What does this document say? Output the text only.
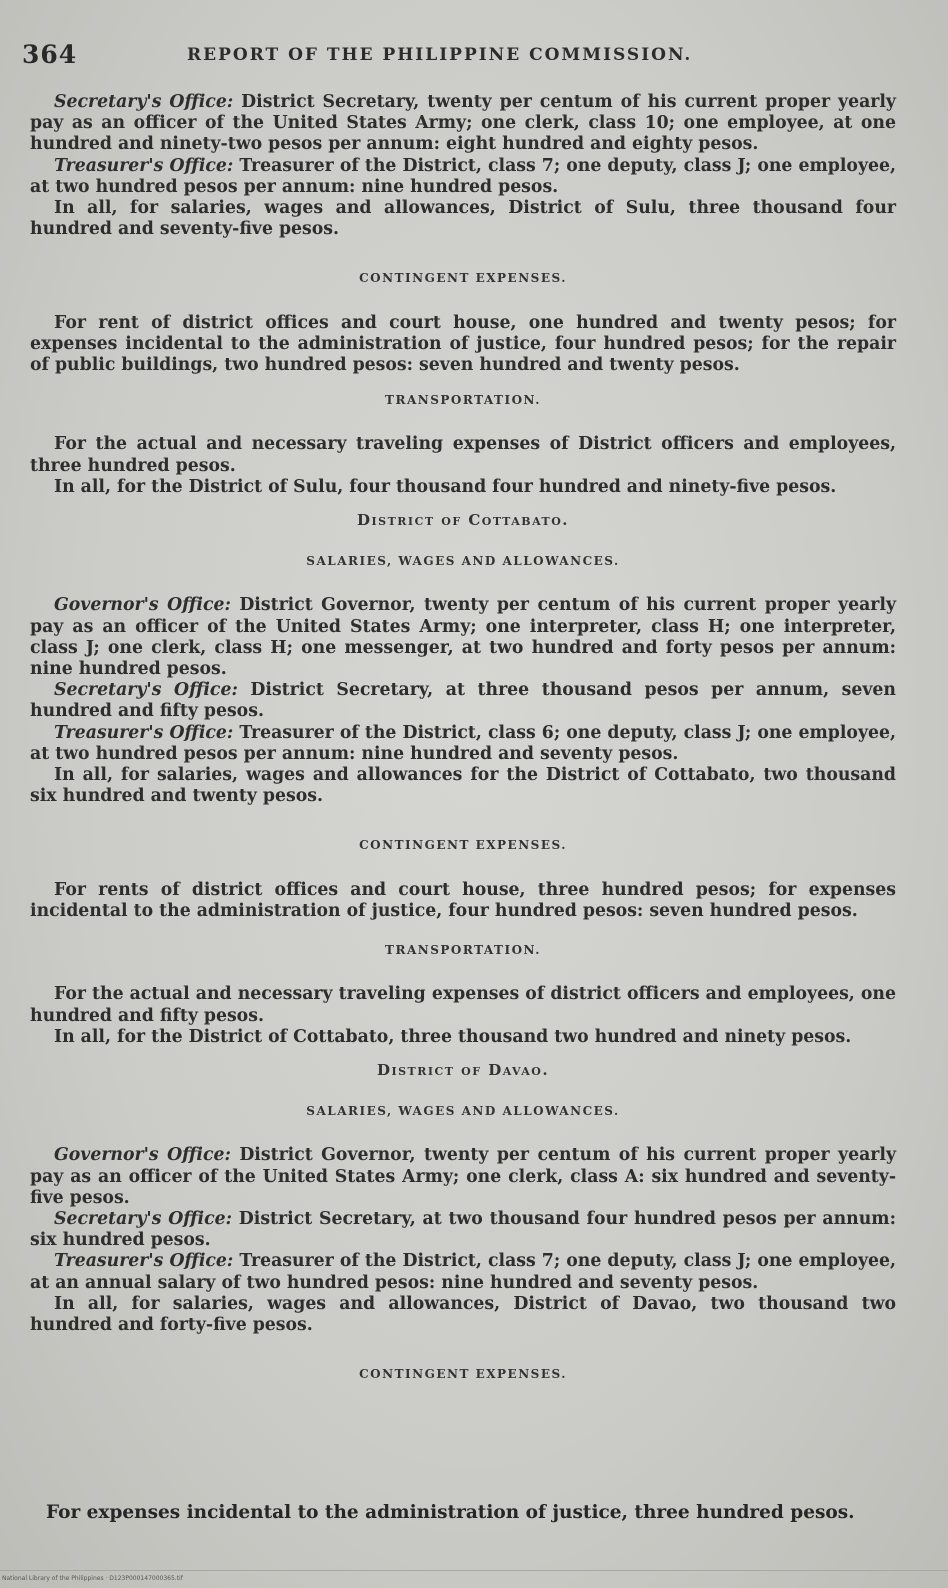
364	REPORT OF THE PHILIPPINE COMMISSION.

Secretary's Office: District Secretary, twenty per centum of his current proper yearly pay as an officer of the United States Army; one clerk, class 10; one employee, at one hundred and ninety-two pesos per annum: eight hundred and eighty pesos.

Treasurer's Office: Treasurer of the District, class 7; one deputy, class J; one employee, at two hundred pesos per annum: nine hundred pesos.

In all, for salaries, wages and allowances, District of Sulu, three thousand four hundred and seventy-five pesos.

CONTINGENT EXPENSES.

For rent of district offices and court house, one hundred and twenty pesos; for expenses incidental to the administration of justice, four hundred pesos; for the repair of public buildings, two hundred pesos: seven hundred and twenty pesos.

TRANSPORTATION.

For the actual and necessary traveling expenses of District officers and employees, three hundred pesos.

In all, for the District of Sulu, four thousand four hundred and ninety-five pesos.

District of Cottabato.
SALARIES, WAGES AND ALLOWANCES.

Governor's Office: District Governor, twenty per centum of his current proper yearly pay as an officer of the United States Army; one interpreter, class H; one interpreter, class J; one clerk, class H; one messenger, at two hundred and forty pesos per annum: nine hundred pesos.

Secretary's Office: District Secretary, at three thousand pesos per annum, seven hundred and fifty pesos.

Treasurer's Office: Treasurer of the District, class 6; one deputy, class J; one employee, at two hundred pesos per annum: nine hundred and seventy pesos.

In all, for salaries, wages and allowances for the District of Cottabato, two thousand six hundred and twenty pesos.

CONTINGENT EXPENSES.

For rents of district offices and court house, three hundred pesos; for expenses incidental to the administration of justice, four hundred pesos: seven hundred pesos.

TRANSPORTATION.

For the actual and necessary traveling expenses of district officers and employees, one hundred and fifty pesos.

In all, for the District of Cottabato, three thousand two hundred and ninety pesos.

District of Davao.
SALARIES, WAGES AND ALLOWANCES.

Governor's Office: District Governor, twenty per centum of his current proper yearly pay as an officer of the United States Army; one clerk, class A: six hundred and seventy-five pesos.

Secretary's Office: District Secretary, at two thousand four hundred pesos per annum: six hundred pesos.

Treasurer's Office: Treasurer of the District, class 7; one deputy, class J; one employee, at an annual salary of two hundred pesos: nine hundred and seventy pesos.

In all, for salaries, wages and allowances, District of Davao, two thousand two hundred and forty-five pesos.

CONTINGENT EXPENSES.
For expenses incidental to the administration of justice, three hundred pesos.
National Library of the Philippines · D123P000147000365.tif
